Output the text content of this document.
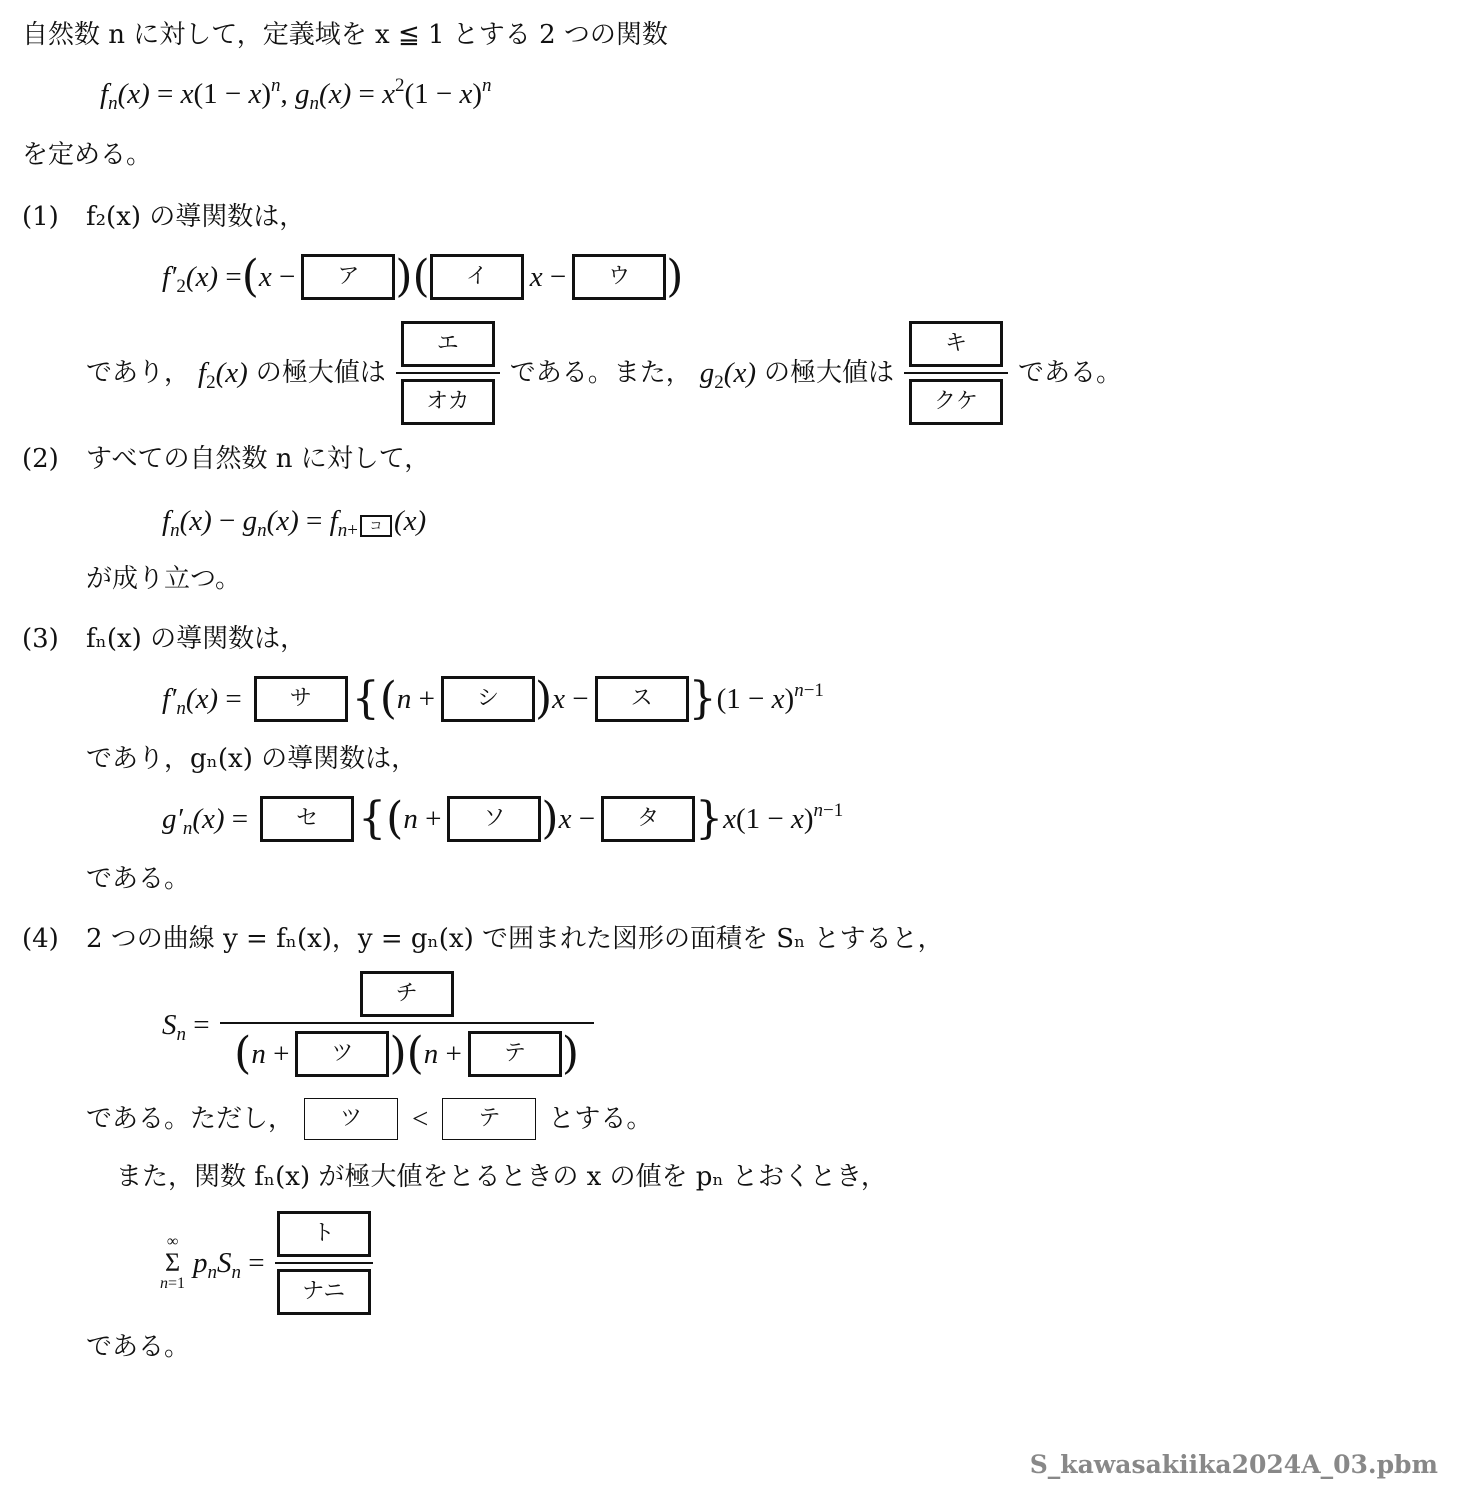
自然数 n に対して，定義域を x ≦ 1 とする 2 つの関数
$f_n(x) = x(1 - x)^n$, $g_n(x) = x^2(1 - x)^n$
を定める。
(1) f₂(x) の導関数は，
$f'_2(x)$ = ( x −	ア )(	イ	x −	ウ )
であり， $f_2(x)$ の極大値は $\frac{\text{エ}}{\text{オカ}}$ である。また， $g_2(x)$ の極大値は $\frac{\text{キ}}{\text{クケ}}$ である。
(2) すべての自然数 n に対して，
$f_n(x) - g_n(x) = f_{n+}$ コ (x)
が成り立つ。
(3) fₙ(x) の導関数は，
$f'_n(x)$ =	サ {( n +	シ ) x −	ス } $(1 - x)^{n-1}$
であり，gₙ(x) の導関数は，
$g'_n(x)$ =	セ {( n +	ソ ) x −	タ } $x(1 - x)^{n-1}$
である。
(4) 2 つの曲線 y = fₙ(x)，y = gₙ(x) で囲まれた図形の面積を Sₙ とすると，
$S_n$ = チ
( n +	ツ )( n +	テ )
である。ただし，	ツ	<	テ	とする。
また，関数 fₙ(x) が極大値をとるときの x の値を pₙ とおくとき，
∞
Σ
n=1
$p_nS_n = \frac{\text{ト}}{\text{ナニ}}$
である。
S_kawasakiika2024A_03.pbm
